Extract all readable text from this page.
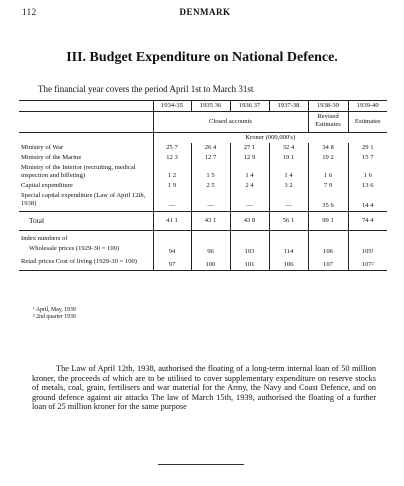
112	DENMARK
III. Budget Expenditure on National Defence.
The financial year covers the period April 1st to March 31st
	1934-35	1935 36	1936 37	1937-38	1938-39	1939-40
	Closed accounts				Revised Estimates	Estimates
	Kroner (000,000's)					
Ministry of War	25 7	26 4	27 1	32 4	34 8	29 1
Ministry of the Marine	12 3	12 7	12 9	19 1	19 2	15 7
Ministry of the Interior (recruiting, medical inspection and billeting)	1 2	1 5	1 4	1 4	1 6	1 6
Capital expenditure	1 9	2 5	2 4	3 2	7 9	13 6
Special capital expenditure (Law of April 12th, 1938)	—	—	—	—	35 6	14 4
Total	41 1	43 1	43 8	56 1	99 1	74 4
Index numbers of						
Wholesale prices (1929-30 = 100)	94	96	103	114	106	105¹
Retail prices Cost of living (1929-30 = 100)	97	100	101	106	107	107²
¹ April, May, 1939
² 2nd quarter 1939
The Law of April 12th, 1938, authorised the floating of a long-term internal loan of 50 million kroner, the proceeds of which are to be utilised to cover supplementary expenditure on reserve stocks of metals, coal, grain, fertilisers and war material for the Army, the Navy and Coast Defence, and on ground defence against air attacks The law of March 15th, 1939, authorised the floating of a further loan of 25 million kroner for the same purpose
